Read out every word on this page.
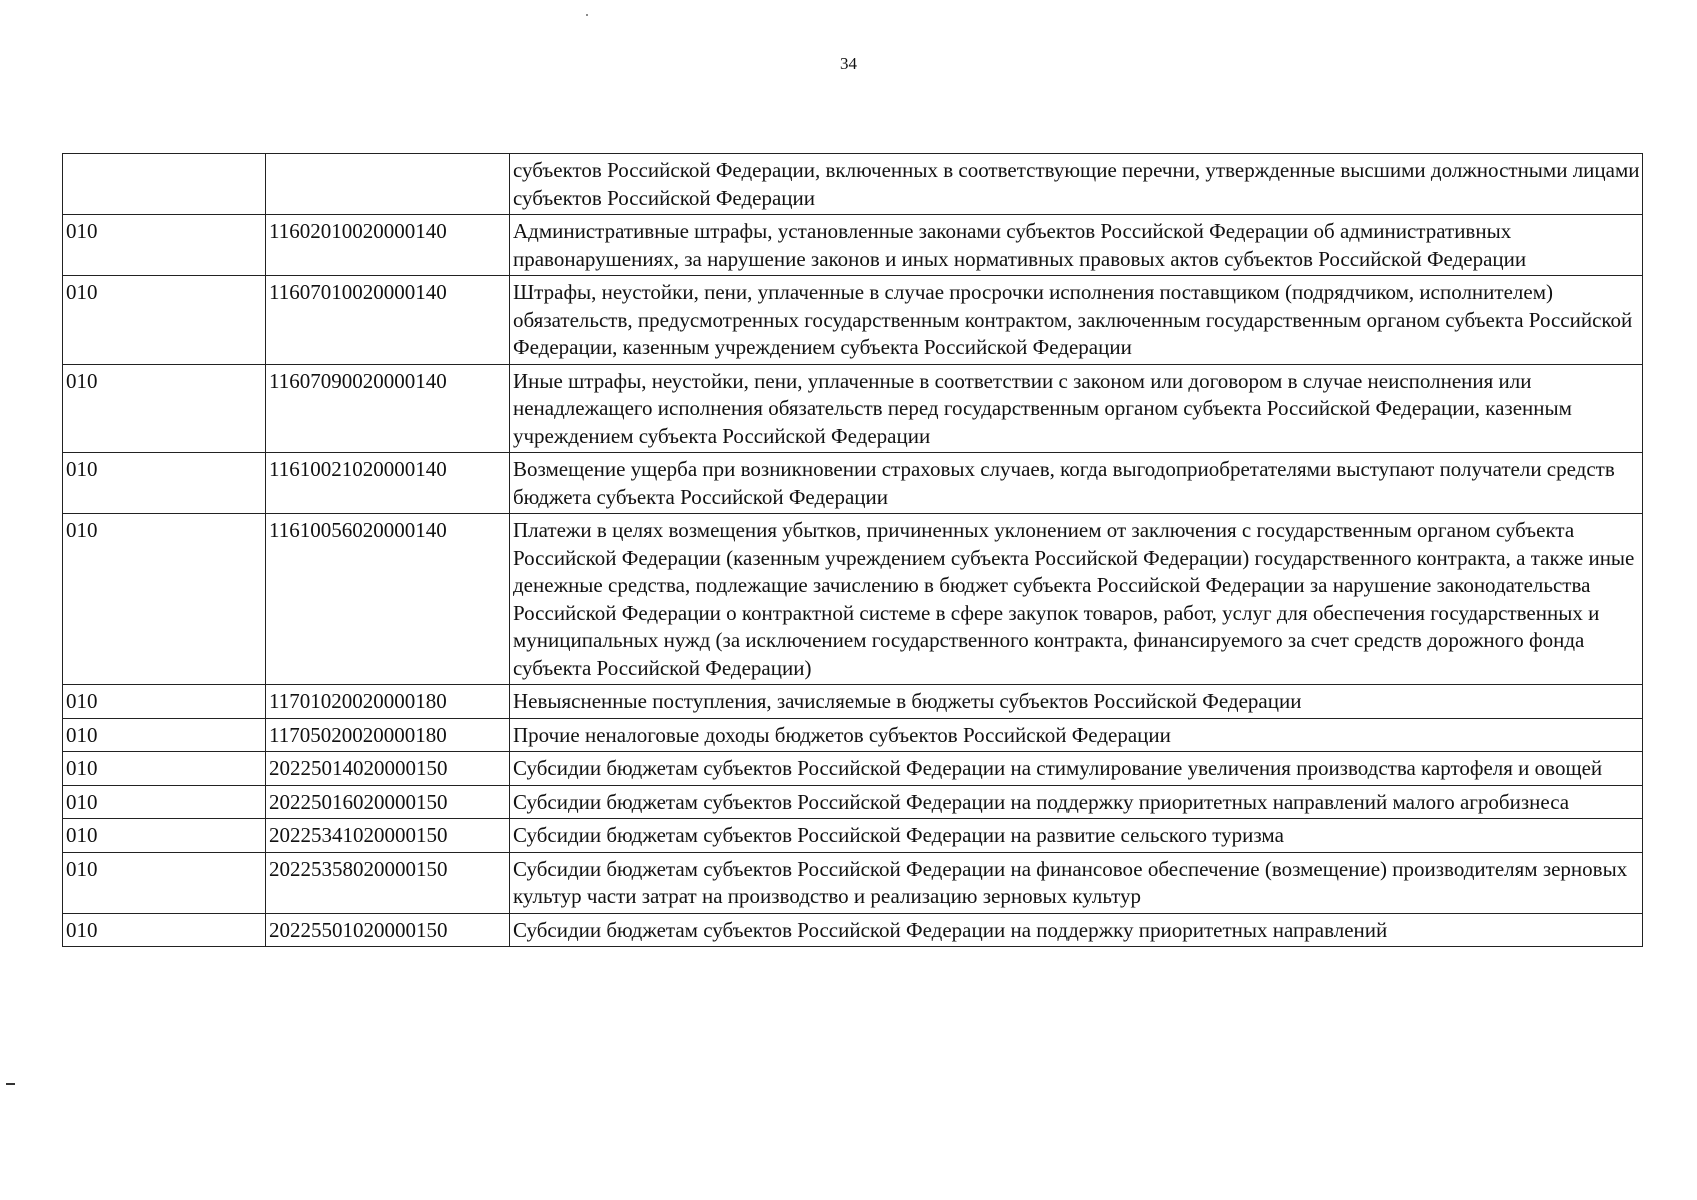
34
		субъектов Российской Федерации, включенных в соответствующие перечни, утвержденные высшими должностными лицами субъектов Российской Федерации
010	11602010020000140	Административные штрафы, установленные законами субъектов Российской Федерации об административных правонарушениях, за нарушение законов и иных нормативных правовых актов субъектов Российской Федерации
010	11607010020000140	Штрафы, неустойки, пени, уплаченные в случае просрочки исполнения поставщиком (подрядчиком, исполнителем) обязательств, предусмотренных государственным контрактом, заключенным государственным органом субъекта Российской Федерации, казенным учреждением субъекта Российской Федерации
010	11607090020000140	Иные штрафы, неустойки, пени, уплаченные в соответствии с законом или договором в случае неисполнения или ненадлежащего исполнения обязательств перед государственным органом субъекта Российской Федерации, казенным учреждением субъекта Российской Федерации
010	11610021020000140	Возмещение ущерба при возникновении страховых случаев, когда выгодоприобретателями выступают получатели средств бюджета субъекта Российской Федерации
010	11610056020000140	Платежи в целях возмещения убытков, причиненных уклонением от заключения с государственным органом субъекта Российской Федерации (казенным учреждением субъекта Российской Федерации) государственного контракта, а также иные денежные средства, подлежащие зачислению в бюджет субъекта Российской Федерации за нарушение законодательства Российской Федерации о контрактной системе в сфере закупок товаров, работ, услуг для обеспечения государственных и муниципальных нужд (за исключением государственного контракта, финансируемого за счет средств дорожного фонда субъекта Российской Федерации)
010	11701020020000180	Невыясненные поступления, зачисляемые в бюджеты субъектов Российской Федерации
010	11705020020000180	Прочие неналоговые доходы бюджетов субъектов Российской Федерации
010	20225014020000150	Субсидии бюджетам субъектов Российской Федерации на стимулирование увеличения производства картофеля и овощей
010	20225016020000150	Субсидии бюджетам субъектов Российской Федерации на поддержку приоритетных направлений малого агробизнеса
010	20225341020000150	Субсидии бюджетам субъектов Российской Федерации на развитие сельского туризма
010	20225358020000150	Субсидии бюджетам субъектов Российской Федерации на финансовое обеспечение (возмещение) производителям зерновых культур части затрат на производство и реализацию зерновых культур
010	20225501020000150	Субсидии бюджетам субъектов Российской Федерации на поддержку приоритетных направлений
